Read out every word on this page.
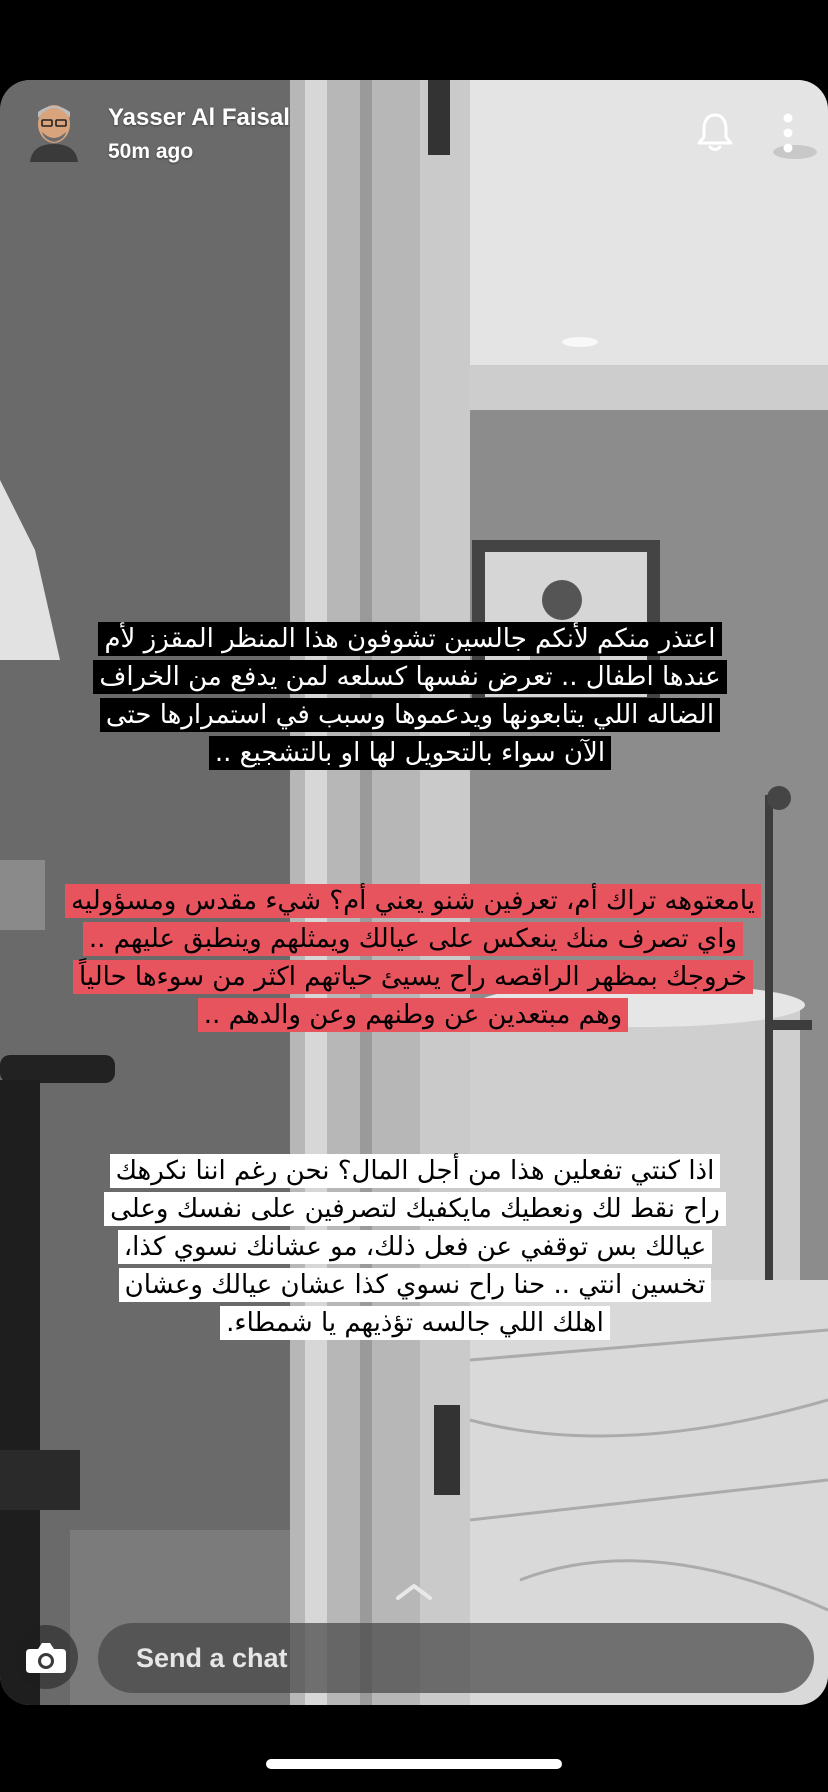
Yasser Al Faisal
50m ago
اعتذر منكم لأنكم جالسين تشوفون هذا المنظر المقزز لأم
عندها اطفال .. تعرض نفسها كسلعه لمن يدفع من الخراف
الضاله اللي يتابعونها ويدعموها وسبب في استمرارها حتى
الآن سواء بالتحويل لها او بالتشجيع ..
يامعتوهه تراك أم، تعرفين شنو يعني أم؟ شيء مقدس ومسؤوليه
واي تصرف منك ينعكس على عيالك ويمثلهم وينطبق عليهم ..
خروجك بمظهر الراقصه راح يسيئ حياتهم اكثر من سوءها حالياً
وهم مبتعدين عن وطنهم وعن والدهم ..
اذا كنتي تفعلين هذا من أجل المال؟ نحن رغم اننا نكرهك
راح نقط لك ونعطيك مايكفيك لتصرفين على نفسك وعلى
عيالك بس توقفي عن فعل ذلك، مو عشانك نسوي كذا،
تخسين انتي .. حنا راح نسوي كذا عشان عيالك وعشان
اهلك اللي جالسه تؤذيهم يا شمطاء.
Send a chat
